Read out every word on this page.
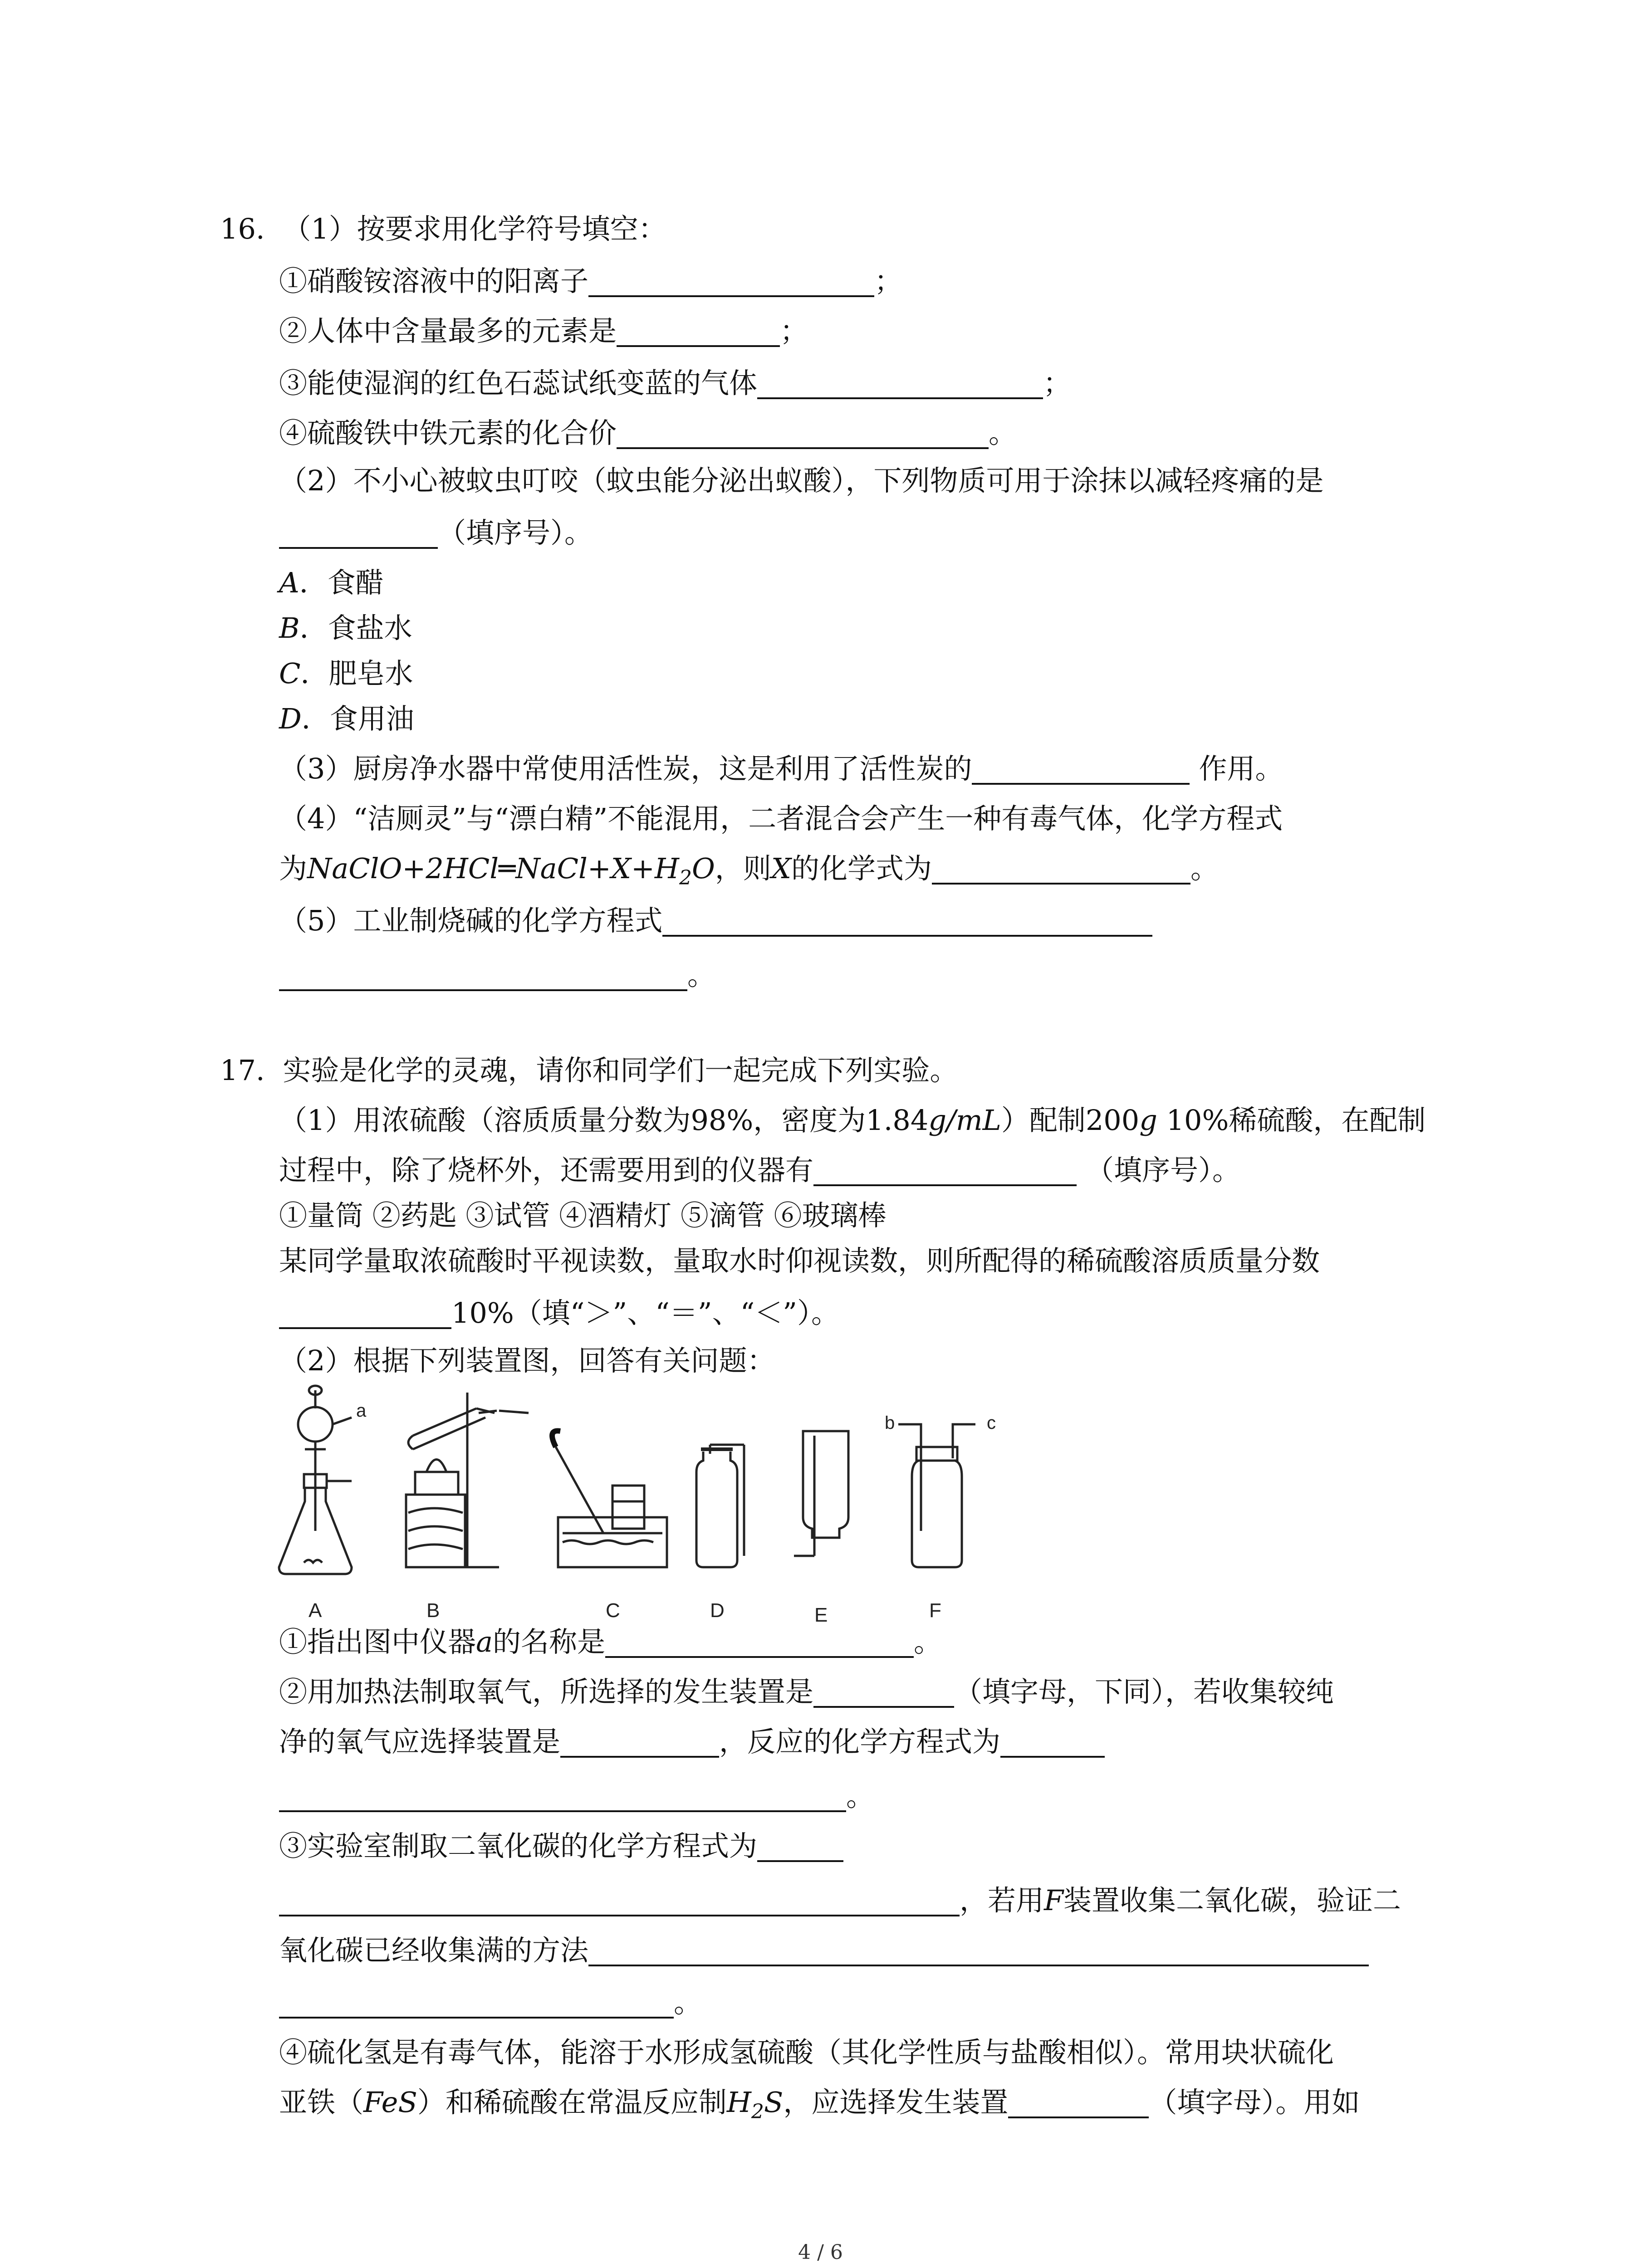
16. （1）按要求用化学符号填空：
①硝酸铵溶液中的阳离子	；
②人体中含量最多的元素是	；
③能使湿润的红色石蕊试纸变蓝的气体	；
④硫酸铁中铁元素的化合价	。
（2）不小心被蚊虫叮咬（蚊虫能分泌出蚁酸），下列物质可用于涂抹以减轻疼痛的是
（填序号）。
A．食醋
B．食盐水
C．肥皂水
D．食用油
（3）厨房净水器中常使用活性炭，这是利用了活性炭的	作用。
（4）“洁厕灵”与“漂白精”不能混用，二者混合会产生一种有毒气体，化学方程式
为$NaClO+2HCl═NaCl+X+H_2O$，则X的化学式为	。
（5）工业制烧碱的化学方程式
。
17. 实验是化学的灵魂，请你和同学们一起完成下列实验。
（1）用浓硫酸（溶质质量分数为98%，密度为1.84g/mL）配制200g 10%稀硫酸，在配制
过程中，除了烧杯外，还需要用到的仪器有	（填序号）。
①量筒 ②药匙 ③试管 ④酒精灯 ⑤滴管 ⑥玻璃棒
某同学量取浓硫酸时平视读数，量取水时仰视读数，则所配得的稀硫酸溶质质量分数
10%（填“＞”、“＝”、“＜”）。
（2）根据下列装置图，回答有关问题：
a
A	B	C	D	E
b	c
F
①指出图中仪器a的名称是	。
②用加热法制取氧气，所选择的发生装置是	（填字母，下同），若收集较纯
净的氧气应选择装置是	，反应的化学方程式为
。
③实验室制取二氧化碳的化学方程式为
，若用F装置收集二氧化碳，验证二
氧化碳已经收集满的方法
。
④硫化氢是有毒气体，能溶于水形成氢硫酸（其化学性质与盐酸相似）。常用块状硫化
亚铁（FeS）和稀硫酸在常温反应制$H_2S$，应选择发生装置	（填字母）。用如
4 / 6
